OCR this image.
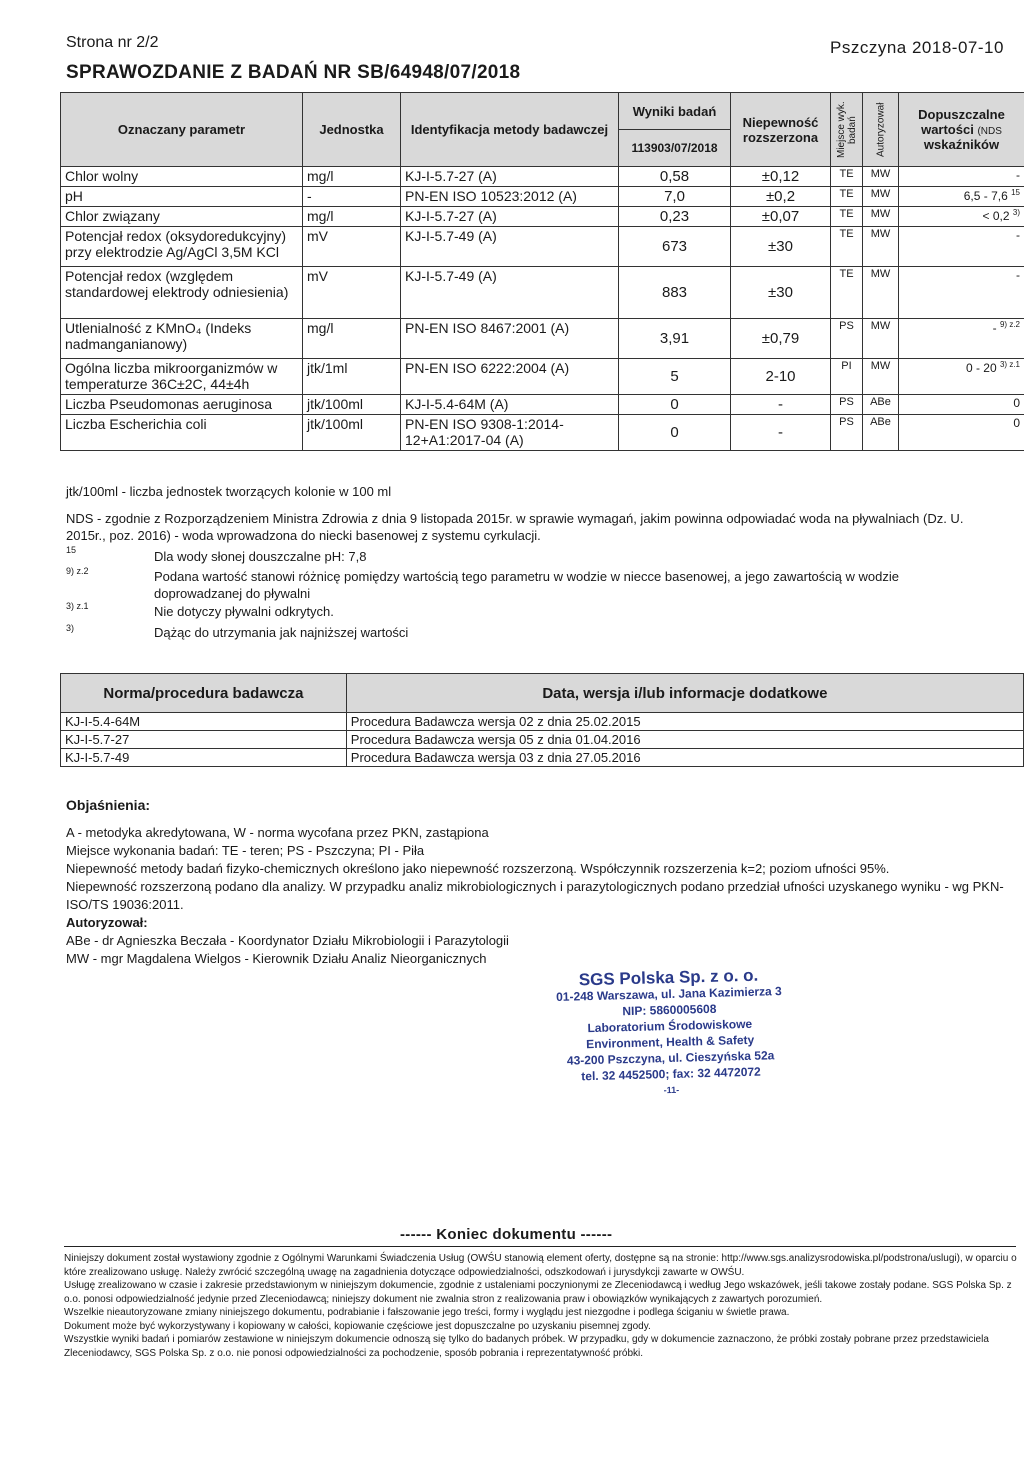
Strona nr 2/2	Pszczyna 2018-07-10
SPRAWOZDANIE Z BADAŃ NR SB/64948/07/2018
Oznaczany parametr	Jednostka	Identyfikacja metody badawczej	Wyniki badań	Niepewność rozszerzona	Miejsce wyk. badań	Autoryzował	Dopuszczalne
wartości (NDS
wskaźników
			113903/07/2018				
Chlor wolny	mg/l	KJ-I-5.7-27 (A)	0,58	±0,12	TE	MW	-
pH	-	PN-EN ISO 10523:2012 (A)	7,0	±0,2	TE	MW	6,5 - 7,6 $^{15}$
Chlor związany	mg/l	KJ-I-5.7-27 (A)	0,23	±0,07	TE	MW	< 0,2 $^{3)}$
Potencjał redox (oksydoredukcyjny) przy elektrodzie Ag/AgCl 3,5M KCl	mV	KJ-I-5.7-49 (A)	673	±30	TE	MW	-
Potencjał redox (względem standardowej elektrody odniesienia)	mV	KJ-I-5.7-49 (A)	883	±30	TE	MW	-
Utlenialność z KMnO₄ (Indeks nadmanganianowy)	mg/l	PN-EN ISO 8467:2001 (A)	3,91	±0,79	PS	MW	- $^{9) z.2}$
Ogólna liczba mikroorganizmów w temperaturze 36C±2C, 44±4h	jtk/1ml	PN-EN ISO 6222:2004 (A)	5	2-10	PI	MW	0 - 20 $^{3) z.1}$
Liczba Pseudomonas aeruginosa	jtk/100ml	KJ-I-5.4-64M (A)	0	-	PS	ABe	0
Liczba Escherichia coli	jtk/100ml	PN-EN ISO 9308-1:2014-12+A1:2017-04 (A)	0	-	PS	ABe	0
jtk/100ml - liczba jednostek tworzących kolonie w 100 ml
NDS - zgodnie z Rozporządzeniem Ministra Zdrowia z dnia 9 listopada 2015r. w sprawie wymagań, jakim powinna odpowiadać woda na pływalniach (Dz. U. 2015r., poz. 2016) - woda wprowadzona do niecki basenowej z systemu cyrkulacji.
15	Dla wody słonej douszczalne pH: 7,8
9) z.2	Podana wartość stanowi różnicę pomiędzy wartością tego parametru w wodzie w niecce basenowej, a jego zawartością w wodzie doprowadzanej do pływalni
3) z.1	Nie dotyczy pływalni odkrytych.
3)	Dążąc do utrzymania jak najniższej wartości
Norma/procedura badawcza	Data, wersja i/lub informacje dodatkowe
KJ-I-5.4-64M	Procedura Badawcza wersja 02 z dnia 25.02.2015
KJ-I-5.7-27	Procedura Badawcza wersja 05 z dnia 01.04.2016
KJ-I-5.7-49	Procedura Badawcza wersja 03 z dnia 27.05.2016
Objaśnienia:
A - metodyka akredytowana, W - norma wycofana przez PKN, zastąpiona
Miejsce wykonania badań: TE - teren; PS - Pszczyna; PI - Piła
Niepewność metody badań fizyko-chemicznych określono jako niepewność rozszerzoną. Współczynnik rozszerzenia k=2; poziom ufności 95%.
Niepewność rozszerzoną podano dla analizy. W przypadku analiz mikrobiologicznych i parazytologicznych podano przedział ufności uzyskanego wyniku - wg PKN-ISO/TS 19036:2011.
Autoryzował:
ABe - dr Agnieszka Beczała - Koordynator Działu Mikrobiologii i Parazytologii
MW - mgr Magdalena Wielgos - Kierownik Działu Analiz Nieorganicznych
SGS Polska Sp. z o. o.
01-248 Warszawa, ul. Jana Kazimierza 3
NIP: 5860005608
Laboratorium Środowiskowe
Environment, Health & Safety
43-200 Pszczyna, ul. Cieszyńska 52a
tel. 32 4452500; fax: 32 4472072
-11-
------ Koniec dokumentu ------

Niniejszy dokument został wystawiony zgodnie z Ogólnymi Warunkami Świadczenia Usług (OWŚU stanowią element oferty, dostępne są na stronie: http://www.sgs.analizysrodowiska.pl/podstrona/uslugi), w oparciu o które zrealizowano usługę. Należy zwrócić szczególną uwagę na zagadnienia dotyczące odpowiedzialności, odszkodowań i jurysdykcji zawarte w OWŚU.

Usługę zrealizowano w czasie i zakresie przedstawionym w niniejszym dokumencie, zgodnie z ustaleniami poczynionymi ze Zleceniodawcą i według Jego wskazówek, jeśli takowe zostały podane. SGS Polska Sp. z o.o. ponosi odpowiedzialność jedynie przed Zleceniodawcą; niniejszy dokument nie zwalnia stron z realizowania praw i obowiązków wynikających z zawartych porozumień.

Wszelkie nieautoryzowane zmiany niniejszego dokumentu, podrabianie i fałszowanie jego treści, formy i wyglądu jest niezgodne i podlega ściganiu w świetle prawa.

Dokument może być wykorzystywany i kopiowany w całości, kopiowanie częściowe jest dopuszczalne po uzyskaniu pisemnej zgody.

Wszystkie wyniki badań i pomiarów zestawione w niniejszym dokumencie odnoszą się tylko do badanych próbek. W przypadku, gdy w dokumencie zaznaczono, że próbki zostały pobrane przez przedstawiciela Zleceniodawcy, SGS Polska Sp. z o.o. nie ponosi odpowiedzialności za pochodzenie, sposób pobrania i reprezentatywność próbki.
